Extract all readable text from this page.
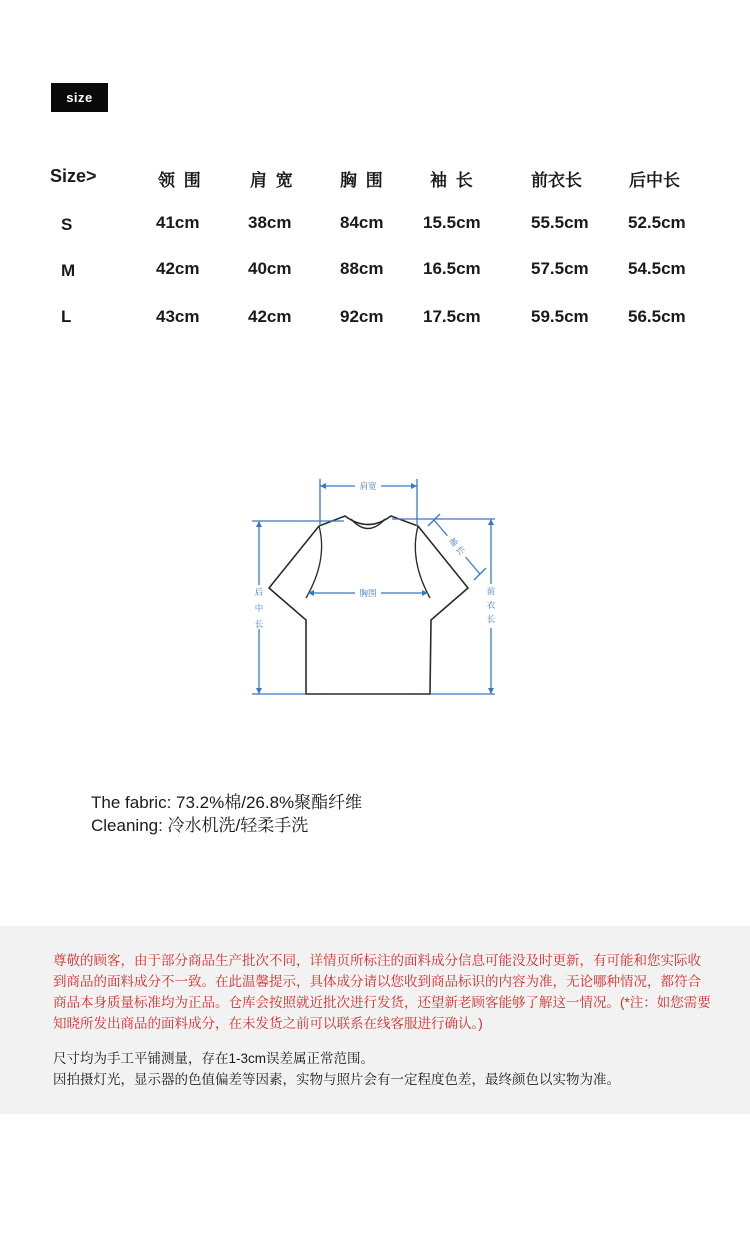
size
Size>	领 围	肩 宽	胸 围	袖 长	前衣长	后中长
S	41cm	38cm	84cm 15.5cm	55.5cm 52.5cm
M	42cm	40cm	88cm 16.5cm	57.5cm 54.5cm
L	43cm	42cm	92cm 17.5cm	59.5cm 56.5cm
肩宽
胸围
袖 长
后
中
长
前
衣
长
The fabric: 73.2%棉/26.8%聚酯纤维
Cleaning: 冷水机洗/轻柔手洗
尊敬的顾客，由于部分商品生产批次不同，详情页所标注的面料成分信息可能没及时更新，有可能和您实际收到商品的面料成分不一致。在此温馨提示，具体成分请以您收到商品标识的内容为准，无论哪种情况，都符合商品本身质量标准均为正品。仓库会按照就近批次进行发货，还望新老顾客能够了解这一情况。(*注：如您需要知晓所发出商品的面料成分，在未发货之前可以联系在线客服进行确认。)
尺寸均为手工平铺测量，存在1-3cm误差属正常范围。
因拍摄灯光，显示器的色值偏差等因素，实物与照片会有一定程度色差，最终颜色以实物为准。
